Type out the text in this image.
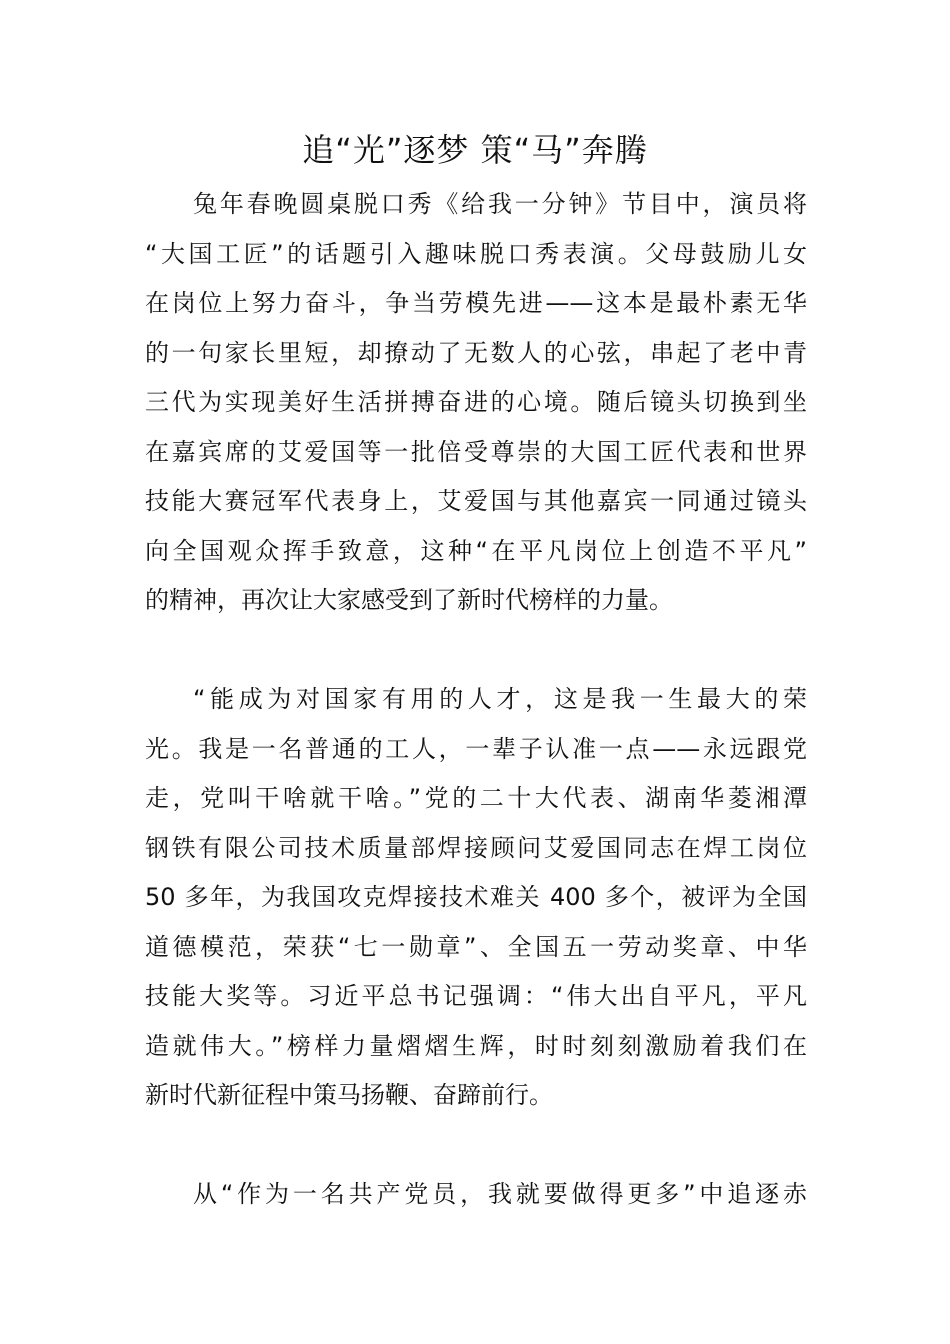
追“光”逐梦 策“马”奔腾
兔年春晚圆桌脱口秀《给我一分钟》节目中，演员将
“大国工匠”的话题引入趣味脱口秀表演。父母鼓励儿女
在岗位上努力奋斗，争当劳模先进——这本是最朴素无华
的一句家长里短，却撩动了无数人的心弦，串起了老中青
三代为实现美好生活拼搏奋进的心境。随后镜头切换到坐
在嘉宾席的艾爱国等一批倍受尊崇的大国工匠代表和世界
技能大赛冠军代表身上，艾爱国与其他嘉宾一同通过镜头
向全国观众挥手致意，这种“在平凡岗位上创造不平凡”
的精神，再次让大家感受到了新时代榜样的力量。
“能成为对国家有用的人才，这是我一生最大的荣
光。我是一名普通的工人，一辈子认准一点——永远跟党
走，党叫干啥就干啥。”党的二十大代表、湖南华菱湘潭
钢铁有限公司技术质量部焊接顾问艾爱国同志在焊工岗位
50 多年，为我国攻克焊接技术难关 400 多个，被评为全国
道德模范，荣获“七一勋章”、全国五一劳动奖章、中华
技能大奖等。习近平总书记强调：“伟大出自平凡，平凡
造就伟大。”榜样力量熠熠生辉，时时刻刻激励着我们在
新时代新征程中策马扬鞭、奋蹄前行。
从“作为一名共产党员，我就要做得更多”中追逐赤
